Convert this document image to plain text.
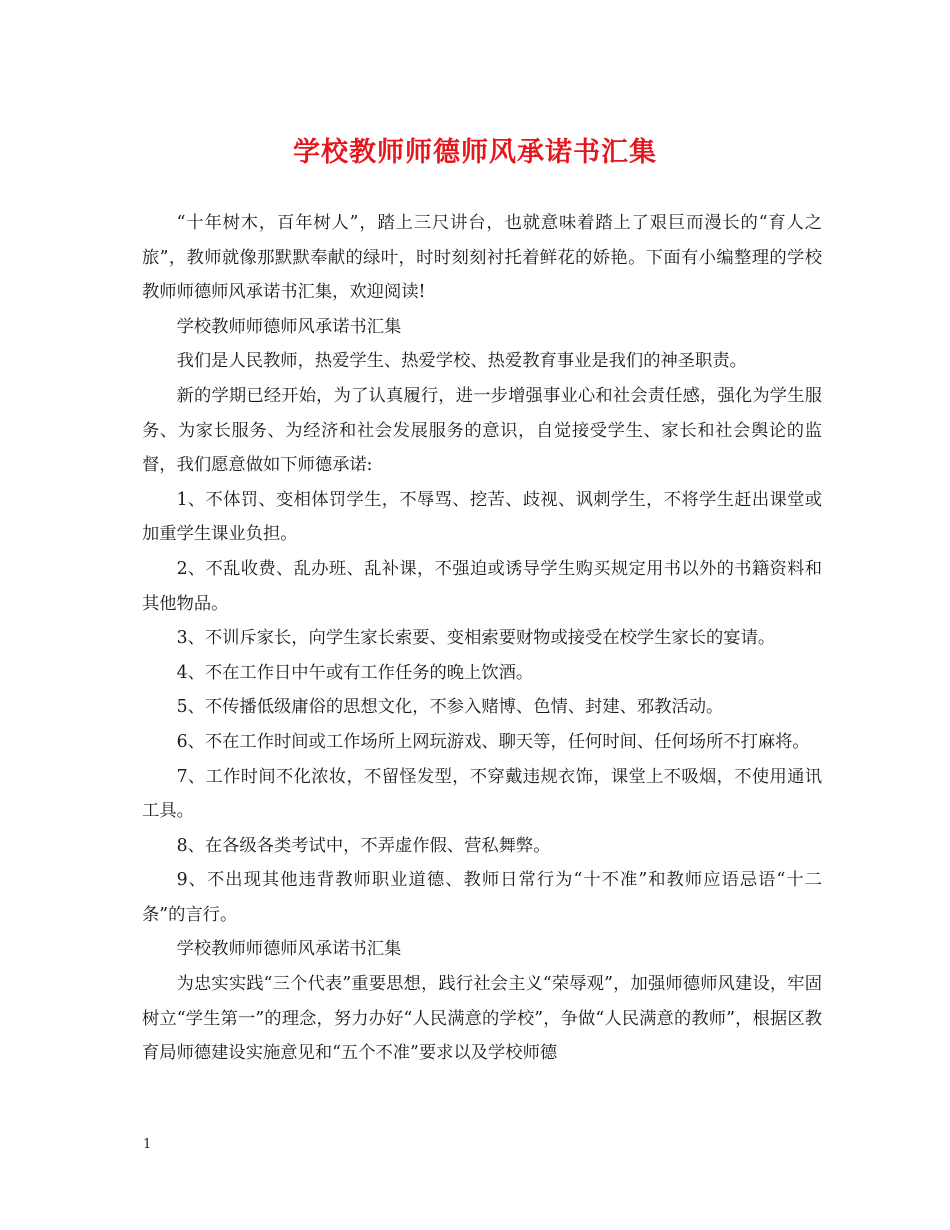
学校教师师德师风承诺书汇集

“十年树木，百年树人”，踏上三尺讲台，也就意味着踏上了艰巨而漫长的“育人之旅”，教师就像那默默奉献的绿叶，时时刻刻衬托着鲜花的娇艳。下面有小编整理的学校教师师德师风承诺书汇集，欢迎阅读!

学校教师师德师风承诺书汇集

我们是人民教师，热爱学生、热爱学校、热爱教育事业是我们的神圣职责。

新的学期已经开始，为了认真履行，进一步增强事业心和社会责任感，强化为学生服务、为家长服务、为经济和社会发展服务的意识，自觉接受学生、家长和社会舆论的监督，我们愿意做如下师德承诺:

1、不体罚、变相体罚学生，不辱骂、挖苦、歧视、讽刺学生，不将学生赶出课堂或加重学生课业负担。

2、不乱收费、乱办班、乱补课，不强迫或诱导学生购买规定用书以外的书籍资料和其他物品。

3、不训斥家长，向学生家长索要、变相索要财物或接受在校学生家长的宴请。

4、不在工作日中午或有工作任务的晚上饮酒。

5、不传播低级庸俗的思想文化，不参入赌博、色情、封建、邪教活动。

6、不在工作时间或工作场所上网玩游戏、聊天等，任何时间、任何场所不打麻将。

7、工作时间不化浓妆，不留怪发型，不穿戴违规衣饰，课堂上不吸烟，不使用通讯工具。

8、在各级各类考试中，不弄虚作假、营私舞弊。

9、不出现其他违背教师职业道德、教师日常行为“十不准”和教师应语忌语“十二条”的言行。

学校教师师德师风承诺书汇集

为忠实实践“三个代表”重要思想，践行社会主义“荣辱观”，加强师德师风建设，牢固树立“学生第一”的理念，努力办好“人民满意的学校”，争做“人民满意的教师”，根据区教育局师德建设实施意见和“五个不准”要求以及学校师德

1
